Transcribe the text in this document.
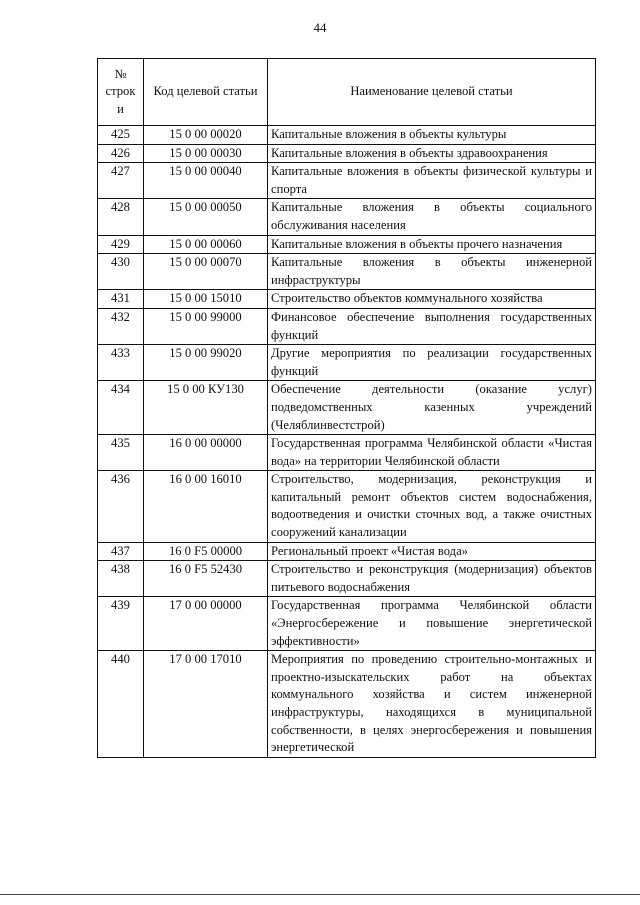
44
№ строк и	Код целевой статьи	Наименование целевой статьи
425	15 0 00 00020	Капитальные вложения в объекты культуры
426	15 0 00 00030	Капитальные вложения в объекты здравоохранения
427	15 0 00 00040	Капитальные вложения в объекты физической культуры и спорта
428	15 0 00 00050	Капитальные вложения в объекты социального обслуживания населения
429	15 0 00 00060	Капитальные вложения в объекты прочего назначения
430	15 0 00 00070	Капитальные вложения в объекты инженерной инфраструктуры
431	15 0 00 15010	Строительство объектов коммунального хозяйства
432	15 0 00 99000	Финансовое обеспечение выполнения государственных функций
433	15 0 00 99020	Другие мероприятия по реализации государственных функций
434	15 0 00 КУ130	Обеспечение деятельности (оказание услуг) подведомственных казенных учреждений (Челяблинвестстрой)
435	16 0 00 00000	Государственная программа Челябинской области «Чистая вода» на территории Челябинской области
436	16 0 00 16010	Строительство, модернизация, реконструкция и капитальный ремонт объектов систем водоснабжения, водоотведения и очистки сточных вод, а также очистных сооружений канализации
437	16 0 F5 00000	Региональный проект «Чистая вода»
438	16 0 F5 52430	Строительство и реконструкция (модернизация) объектов питьевого водоснабжения
439	17 0 00 00000	Государственная программа Челябинской области «Энергосбережение и повышение энергетической эффективности»
440	17 0 00 17010	Мероприятия по проведению строительно-монтажных и проектно-изыскательских работ на объектах коммунального хозяйства и систем инженерной инфраструктуры, находящихся в муниципальной собственности, в целях энергосбережения и повышения энергетической
